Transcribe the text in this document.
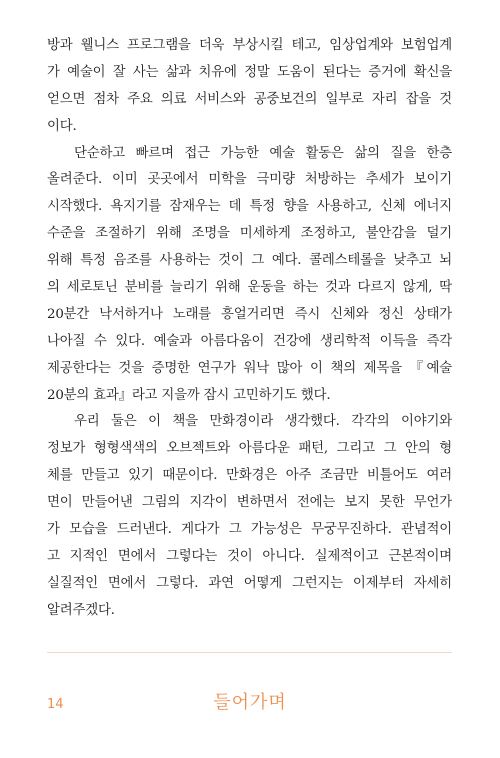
방과 웰니스 프로그램을 더욱 부상시킬 테고, 임상업계와 보험업계
가 예술이 잘 사는 삶과 치유에 정말 도움이 된다는 증거에 확신을
얻으면 점차 주요 의료 서비스와 공중보건의 일부로 자리 잡을 것
이다.
단순하고 빠르며 접근 가능한 예술 활동은 삶의 질을 한층
올려준다. 이미 곳곳에서 미학을 극미량 처방하는 추세가 보이기
시작했다. 욕지기를 잠재우는 데 특정 향을 사용하고, 신체 에너지
수준을 조절하기 위해 조명을 미세하게 조정하고, 불안감을 덜기
위해 특정 음조를 사용하는 것이 그 예다. 콜레스테롤을 낮추고 뇌
의 세로토닌 분비를 늘리기 위해 운동을 하는 것과 다르지 않게, 딱
20분간 낙서하거나 노래를 흥얼거리면 즉시 신체와 정신 상태가
나아질 수 있다. 예술과 아름다움이 건강에 생리학적 이득을 즉각
제공한다는 것을 증명한 연구가 워낙 많아 이 책의 제목을 『예술
20분의 효과』라고 지을까 잠시 고민하기도 했다.
우리 둘은 이 책을 만화경이라 생각했다. 각각의 이야기와
정보가 형형색색의 오브젝트와 아름다운 패턴, 그리고 그 안의 형
체를 만들고 있기 때문이다. 만화경은 아주 조금만 비틀어도 여러
면이 만들어낸 그림의 지각이 변하면서 전에는 보지 못한 무언가
가 모습을 드러낸다. 게다가 그 가능성은 무궁무진하다. 관념적이
고 지적인 면에서 그렇다는 것이 아니다. 실제적이고 근본적이며
실질적인 면에서 그렇다. 과연 어떻게 그런지는 이제부터 자세히
알려주겠다.
14	들어가며
